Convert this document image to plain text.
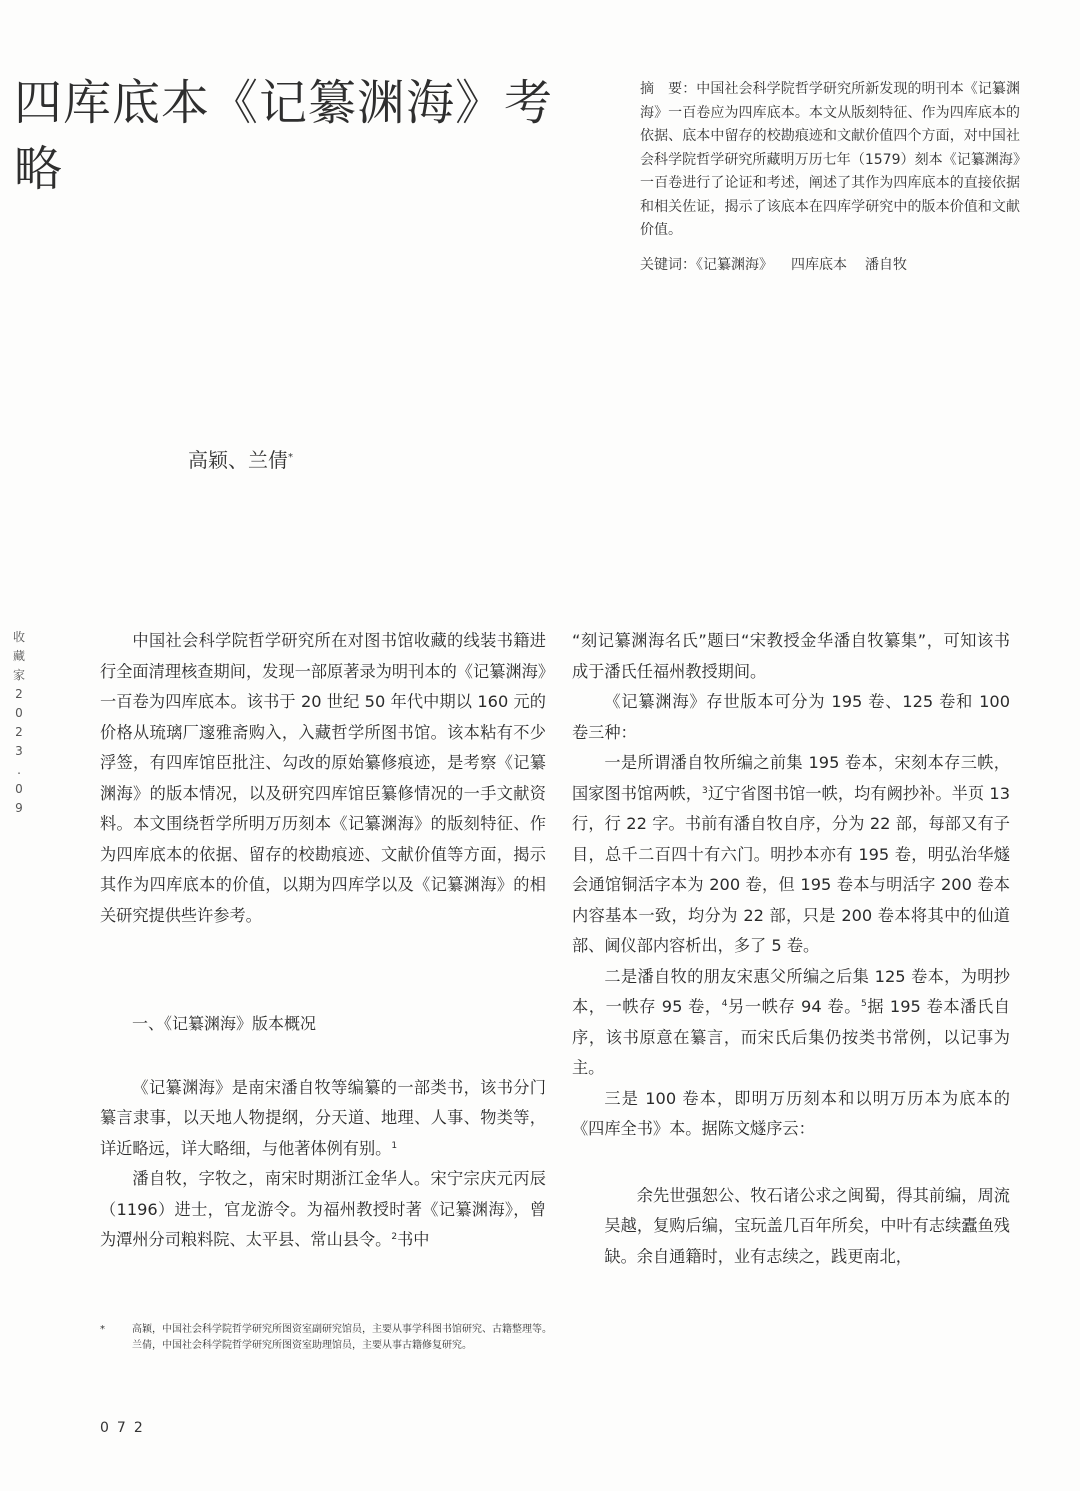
四库底本《记纂渊海》考略
摘　要：中国社会科学院哲学研究所新发现的明刊本《记纂渊海》一百卷应为四库底本。本文从版刻特征、作为四库底本的依据、底本中留存的校勘痕迹和文献价值四个方面，对中国社会科学院哲学研究所藏明万历七年（1579）刻本《记纂渊海》一百卷进行了论证和考述，阐述了其作为四库底本的直接依据和相关佐证，揭示了该底本在四库学研究中的版本价值和文献价值。
关键词：《记纂渊海》 四库底本 潘自牧
高颖、兰倩*
收
藏
家
2
0
2
3
.
0
9

中国社会科学院哲学研究所在对图书馆收藏的线装书籍进行全面清理核查期间，发现一部原著录为明刊本的《记纂渊海》一百卷为四库底本。该书于 20 世纪 50 年代中期以 160 元的价格从琉璃厂邃雅斋购入，入藏哲学所图书馆。该本粘有不少浮签，有四库馆臣批注、勾改的原始纂修痕迹，是考察《记纂渊海》的版本情况，以及研究四库馆臣纂修情况的一手文献资料。本文围绕哲学所明万历刻本《记纂渊海》的版刻特征、作为四库底本的依据、留存的校勘痕迹、文献价值等方面，揭示其作为四库底本的价值，以期为四库学以及《记纂渊海》的相关研究提供些许参考。

一、《记纂渊海》版本概况

《记纂渊海》是南宋潘自牧等编纂的一部类书，该书分门纂言隶事，以天地人物提纲，分天道、地理、人事、物类等，详近略远，详大略细，与他著体例有别。$^1$

潘自牧，字牧之，南宋时期浙江金华人。宋宁宗庆元丙辰（1196）进士，官龙游令。为福州教授时著《记纂渊海》，曾为潭州分司粮料院、太平县、常山县令。$^2$书中

“刻记纂渊海名氏”题曰“宋教授金华潘自牧纂集”，可知该书成于潘氏任福州教授期间。

《记纂渊海》存世版本可分为 195 卷、125 卷和 100 卷三种：

一是所谓潘自牧所编之前集 195 卷本，宋刻本存三帙，国家图书馆两帙，$^3$辽宁省图书馆一帙，均有阙抄补。半页 13 行，行 22 字。书前有潘自牧自序，分为 22 部，每部又有子目，总千二百四十有六门。明抄本亦有 195 卷，明弘治华燧会通馆铜活字本为 200 卷，但 195 卷本与明活字 200 卷本内容基本一致，均分为 22 部，只是 200 卷本将其中的仙道部、阃仪部内容析出，多了 5 卷。

二是潘自牧的朋友宋惠父所编之后集 125 卷本，为明抄本，一帙存 95 卷，$^4$另一帙存 94 卷。$^5$据 195 卷本潘氏自序，该书原意在纂言，而宋氏后集仍按类书常例，以记事为主。

三是 100 卷本，即明万历刻本和以明万历本为底本的《四库全书》本。据陈文燧序云：

余先世强恕公、牧石诸公求之闽蜀，得其前编，周流吴越，复购后编，宝玩盖几百年所矣，中叶有志续蠹鱼残缺。余自通籍时，业有志续之，践更南北，

*	高颖，中国社会科学院哲学研究所图资室副研究馆员，主要从事学科图书馆研究、古籍整理等。
兰倩，中国社会科学院哲学研究所图资室助理馆员，主要从事古籍修复研究。
072
